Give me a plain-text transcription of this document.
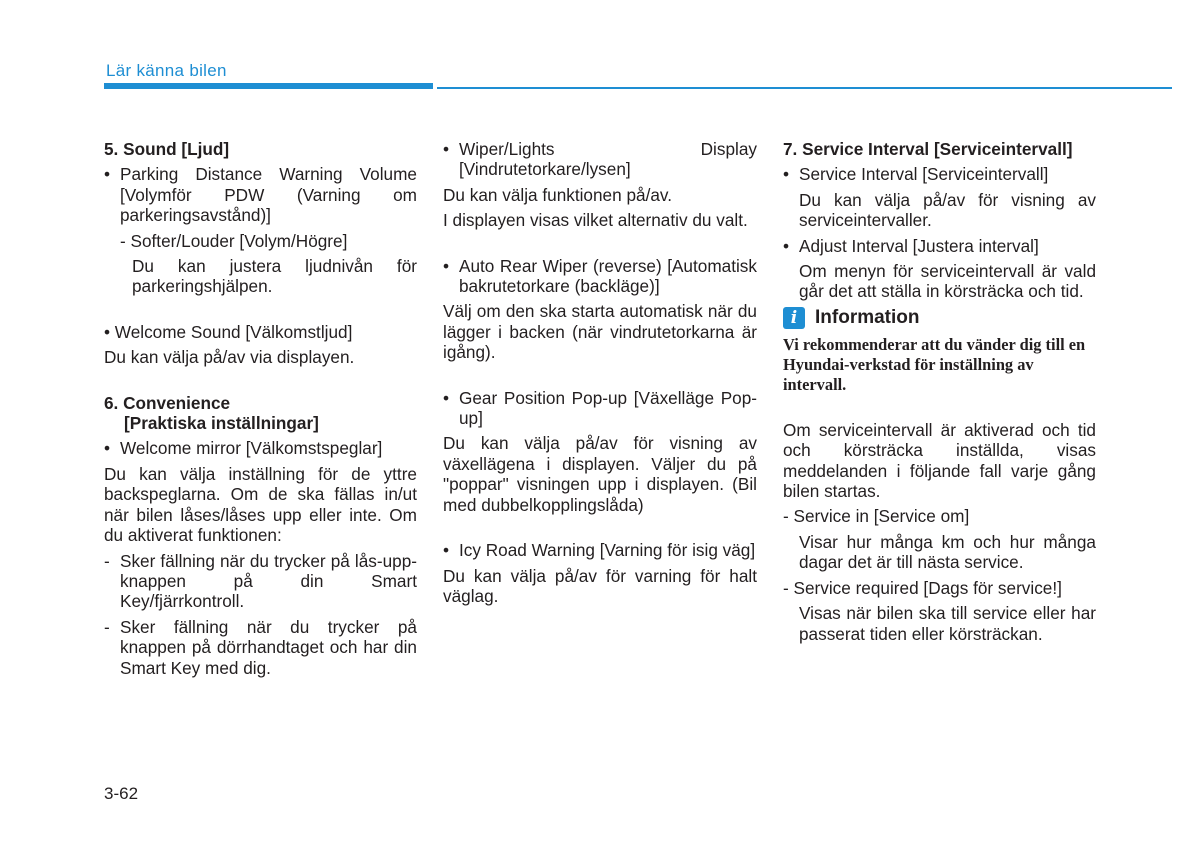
Lär känna bilen
5. Sound [Ljud]
• Parking Distance Warning Volume [Volymför PDW (Varning om parkeringsavstånd)]
- Softer/Louder [Volym/Högre]
Du kan justera ljudnivån för parkeringshjälpen.
• Welcome Sound [Välkomstljud]
Du kan välja på/av via displayen.
6. Convenience
[Praktiska inställningar]
• Welcome mirror [Välkomstspeglar]
Du kan välja inställning för de yttre backspeglarna. Om de ska fällas in/ut när bilen låses/låses upp eller inte. Om du aktiverat funktionen:
- Sker fällning när du trycker på lås-upp-knappen på din Smart Key/fjärrkontroll.
- Sker fällning när du trycker på knappen på dörrhandtaget och har din Smart Key med dig.
• Wiper/Lights Display [Vindrutetorkare/lysen]
Du kan välja funktionen på/av.
I displayen visas vilket alternativ du valt.
• Auto Rear Wiper (reverse) [Automatisk bakrutetorkare (backläge)]
Välj om den ska starta automatisk när du lägger i backen (när vindrutetorkarna är igång).
• Gear Position Pop-up [Växelläge Pop-up]
Du kan välja på/av för visning av växellägena i displayen. Väljer du på "poppar" visningen upp i displayen. (Bil med dubbelkopplingslåda)
• Icy Road Warning [Varning för isig väg]
Du kan välja på/av för varning för halt väglag.
7. Service Interval [Serviceintervall]
• Service Interval [Serviceintervall]
Du kan välja på/av för visning av serviceintervaller.
• Adjust Interval [Justera interval]
Om menyn för serviceintervall är vald går det att ställa in körsträcka och tid.
i Information
Vi rekommenderar att du vänder dig till en Hyundai-verkstad för inställning av intervall.
Om serviceintervall är aktiverad och tid och körsträcka inställda, visas meddelanden i följande fall varje gång bilen startas.
- Service in [Service om]
Visar hur många km och hur många dagar det är till nästa service.
- Service required [Dags för service!]
Visas när bilen ska till service eller har passerat tiden eller körsträckan.
3-62
